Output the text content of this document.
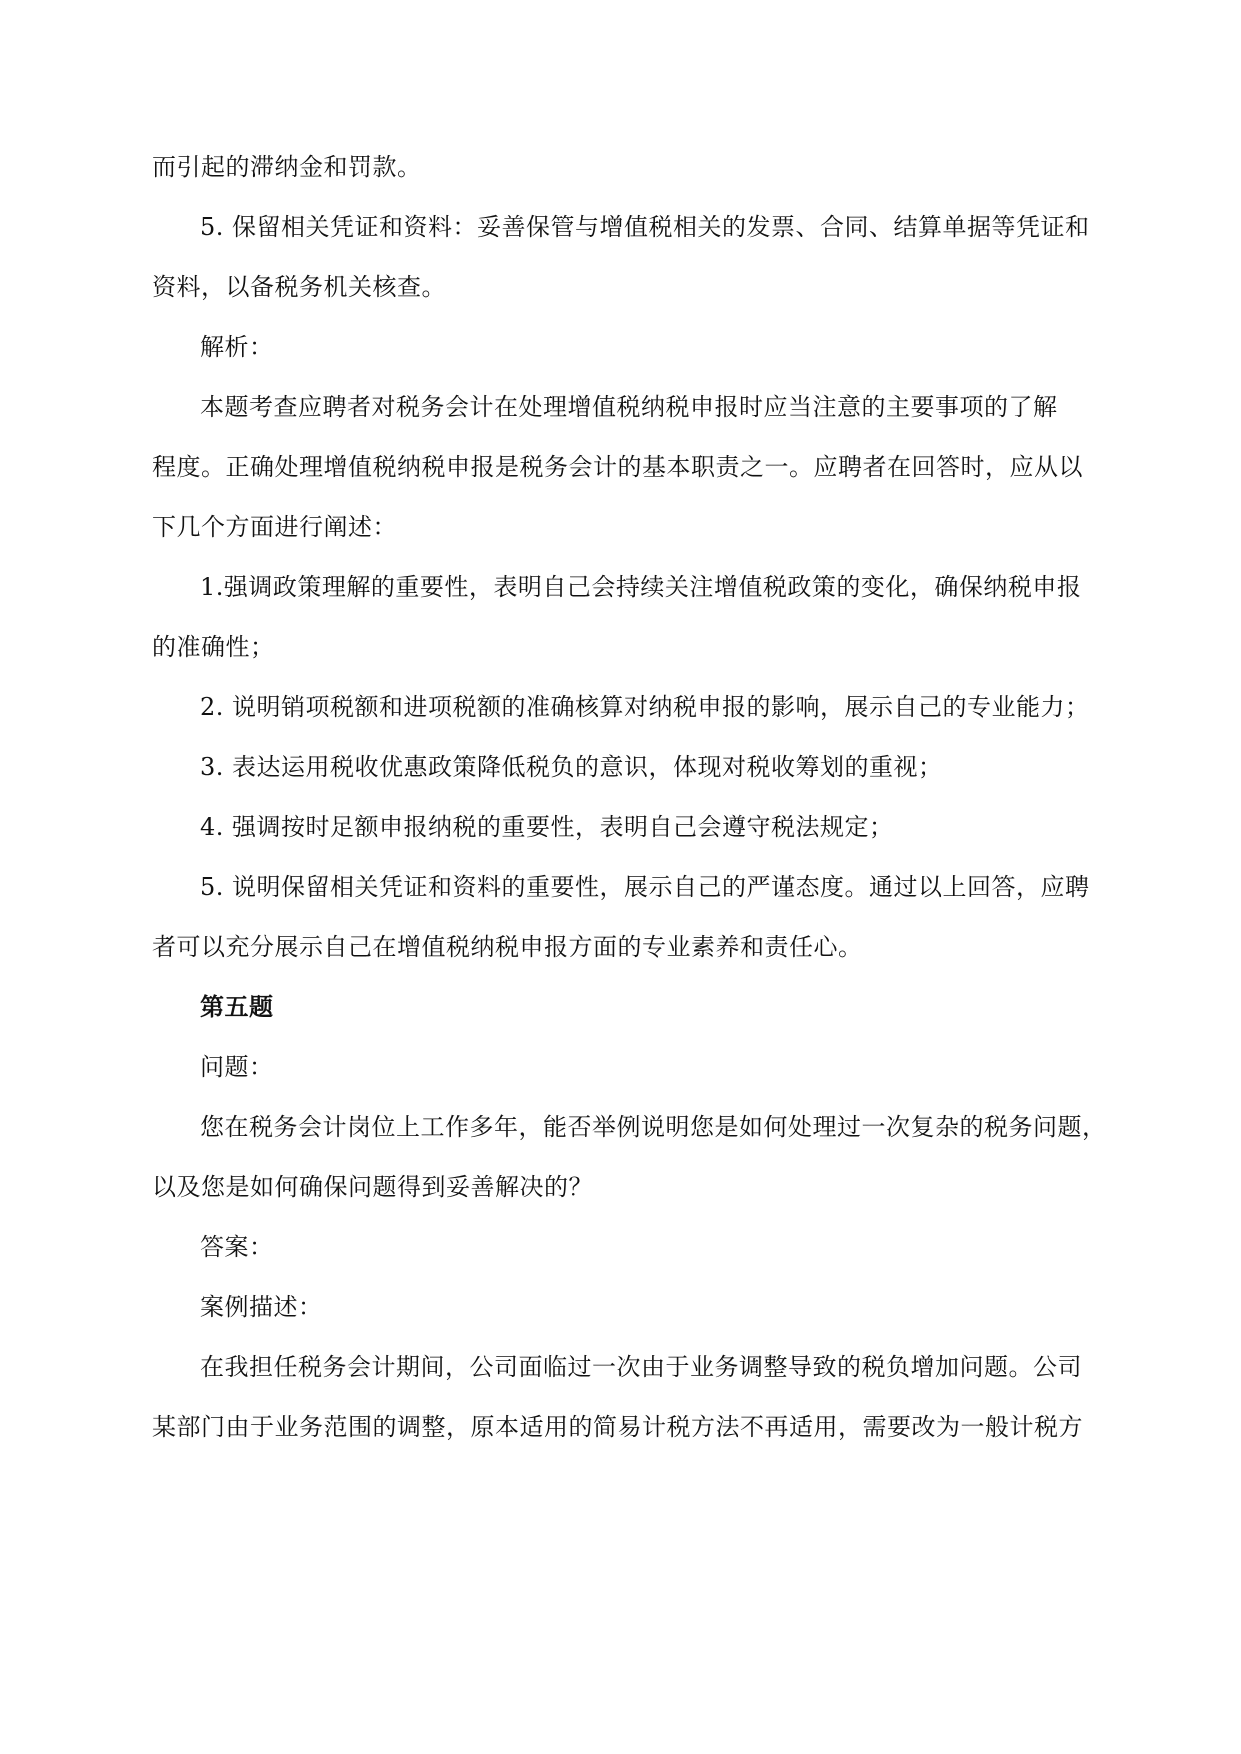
而引起的滞纳金和罚款。
5. 保留相关凭证和资料：妥善保管与增值税相关的发票、合同、结算单据等凭证和
资料，以备税务机关核查。
解析：
本题考查应聘者对税务会计在处理增值税纳税申报时应当注意的主要事项的了解
程度。正确处理增值税纳税申报是税务会计的基本职责之一。应聘者在回答时，应从以
下几个方面进行阐述：
1.强调政策理解的重要性，表明自己会持续关注增值税政策的变化，确保纳税申报
的准确性；
2. 说明销项税额和进项税额的准确核算对纳税申报的影响，展示自己的专业能力；
3. 表达运用税收优惠政策降低税负的意识，体现对税收筹划的重视；
4. 强调按时足额申报纳税的重要性，表明自己会遵守税法规定；
5. 说明保留相关凭证和资料的重要性，展示自己的严谨态度。通过以上回答，应聘
者可以充分展示自己在增值税纳税申报方面的专业素养和责任心。
第五题
问题：
您在税务会计岗位上工作多年，能否举例说明您是如何处理过一次复杂的税务问题，
以及您是如何确保问题得到妥善解决的？
答案：
案例描述：
在我担任税务会计期间，公司面临过一次由于业务调整导致的税负增加问题。公司
某部门由于业务范围的调整，原本适用的简易计税方法不再适用，需要改为一般计税方
